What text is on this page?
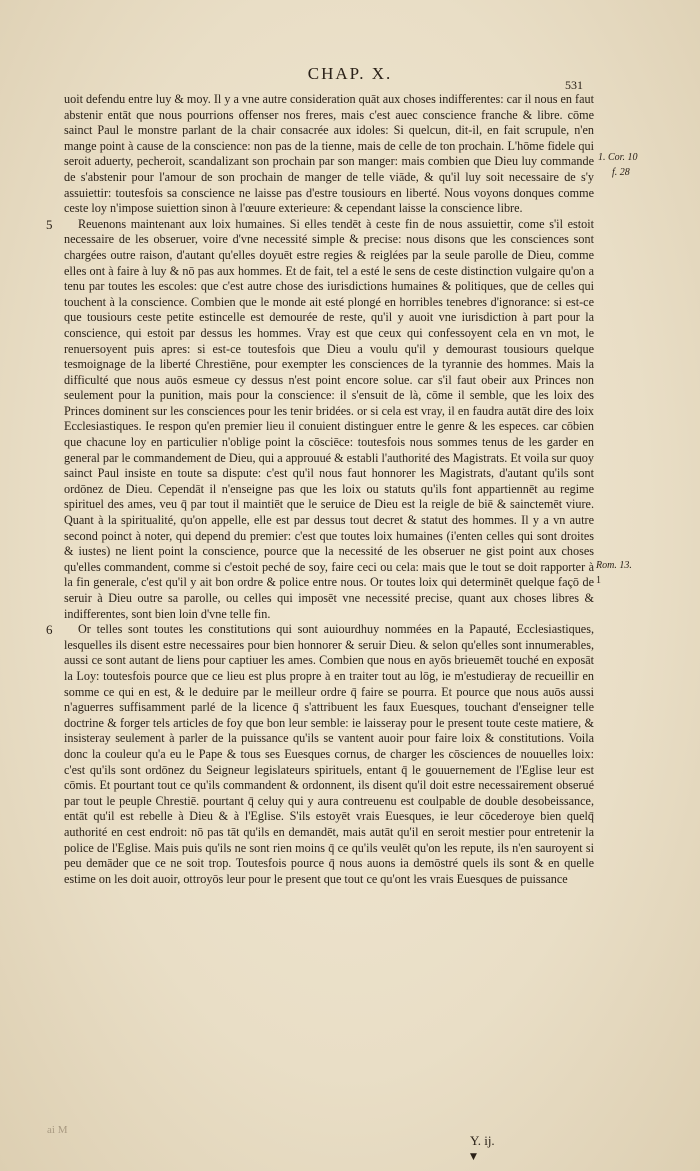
CHAP. X.
531

uoit defendu entre luy & moy. Il y a vne autre consideration quāt aux choses indifferentes: car il nous en faut abstenir entāt que nous pourrions offenser nos freres, mais c'est auec conscience franche & libre. cōme sainct Paul le monstre parlant de la chair consacrée aux idoles: Si quelcun, dit-il, en fait scrupule, n'en mange point à cause de la conscience: non pas de la tienne, mais de celle de ton prochain. L'hōme fidele qui seroit aduerty, pecheroit, scandalizant son prochain par son manger: mais combien que Dieu luy commande de s'abstenir pour l'amour de son prochain de manger de telle viāde, & qu'il luy soit necessaire de s'y assuiettir: toutesfois sa conscience ne laisse pas d'estre tousiours en liberté. Nous voyons donques comme ceste loy n'impose suiettion sinon à l'œuure exterieure: & cependant laisse la conscience libre.

5	Reuenons maintenant aux loix humaines. Si elles tendēt à ceste fin de nous assuiettir, come s'il estoit necessaire de les obseruer, voire d'vne necessité simple & precise: nous disons que les consciences sont chargées outre raison, d'autant qu'elles doyuēt estre regies & reiglées par la seule parolle de Dieu, comme elles ont à faire à luy & nō pas aux hommes. Et de fait, tel a esté le sens de ceste distinction vulgaire qu'on a tenu par toutes les escoles: que c'est autre chose des iurisdictions humaines & politiques, que de celles qui touchent à la conscience. Combien que le monde ait esté plongé en horribles tenebres d'ignorance: si est-ce que tousiours ceste petite estincelle est demourée de reste, qu'il y auoit vne iurisdiction à part pour la conscience, qui estoit par dessus les hommes. Vray est que ceux qui confessoyent cela en vn mot, le renuersoyent puis apres: si est-ce toutesfois que Dieu a voulu qu'il y demourast tousiours quelque tesmoignage de la liberté Chrestiēne, pour exempter les consciences de la tyrannie des hommes. Mais la difficulté que nous auōs esmeue cy dessus n'est point encore solue. car s'il faut obeir aux Princes non seulement pour la punition, mais pour la conscience: il s'ensuit de là, cōme il semble, que les loix des Princes dominent sur les consciences pour les tenir bridées. or si cela est vray, il en faudra autāt dire des loix Ecclesiastiques. Ie respon qu'en premier lieu il conuient distinguer entre le genre & les especes. car cōbien que chacune loy en particulier n'oblige point la cōsciēce: toutesfois nous sommes tenus de les garder en general par le commandement de Dieu, qui a approuué & establi l'authorité des Magistrats. Et voila sur quoy sainct Paul insiste en toute sa dispute: c'est qu'il nous faut honnorer les Magistrats, d'autant qu'ils sont ordōnez de Dieu. Cependāt il n'enseigne pas que les loix ou statuts qu'ils font appartiennēt au regime spirituel des ames, veu q̄ par tout il maintiēt que le seruice de Dieu est la reigle de biē & sainctemēt viure. Quant à la spiritualité, qu'on appelle, elle est par dessus tout decret & statut des hommes. Il y a vn autre second poinct à noter, qui depend du premier: c'est que toutes loix humaines (i'enten celles qui sont droites & iustes) ne lient point la conscience, pource que la necessité de les obseruer ne gist point aux choses qu'elles commandent, comme si c'estoit peché de soy, faire ceci ou cela: mais que le tout se doit rapporter à la fin generale, c'est qu'il y ait bon ordre & police entre nous. Or toutes loix qui determinēt quelque façō de seruir à Dieu outre sa parolle, ou celles qui imposēt vne necessité precise, quant aux choses libres & indifferentes, sont bien loin d'vne telle fin.

6	Or telles sont toutes les constitutions qui sont auiourdhuy nommées en la Papauté, Ecclesiastiques, lesquelles ils disent estre necessaires pour bien honnorer & seruir Dieu. & selon qu'elles sont innumerables, aussi ce sont autant de liens pour captiuer les ames. Combien que nous en ayōs brieuemēt touché en exposāt la Loy: toutesfois pource que ce lieu est plus propre à en traiter tout au lōg, ie m'estudieray de recueillir en somme ce qui en est, & le deduire par le meilleur ordre q̄ faire se pourra. Et pource que nous auōs aussi n'aguerres suffisamment parlé de la licence q̄ s'attribuent les faux Euesques, touchant d'enseigner telle doctrine & forger tels articles de foy que bon leur semble: ie laisseray pour le present toute ceste matiere, & insisteray seulement à parler de la puissance qu'ils se vantent auoir pour faire loix & constitutions. Voila donc la couleur qu'a eu le Pape & tous ses Euesques cornus, de charger les cōsciences de nouuelles loix: c'est qu'ils sont ordōnez du Seigneur legislateurs spirituels, entant q̄ le gouuernement de l'Eglise leur est cōmis. Et pourtant tout ce qu'ils commandent & ordonnent, ils disent qu'il doit estre necessairement obserué par tout le peuple Chrestiē. pourtant q̄ celuy qui y aura contreuenu est coulpable de double desobeissance, entāt qu'il est rebelle à Dieu & à l'Eglise. S'ils estoyēt vrais Euesques, ie leur cōcederoye bien quelq̄ authorité en cest endroit: nō pas tāt qu'ils en demandēt, mais autāt qu'il en seroit mestier pour entretenir la police de l'Eglise. Mais puis qu'ils ne sont rien moins q̄ ce qu'ils veulēt qu'on les repute, ils n'en sauroyent si peu demāder que ce ne soit trop. Toutesfois pource q̄ nous auons ia demōstré quels ils sont & en quelle estime on les doit auoir, ottroyōs leur pour le present que tout ce qu'ont les vrais Euesques de puissance

1. Cor. 10
f. 28
Rom. 13.
1
ai M
Y. ij.
▼
